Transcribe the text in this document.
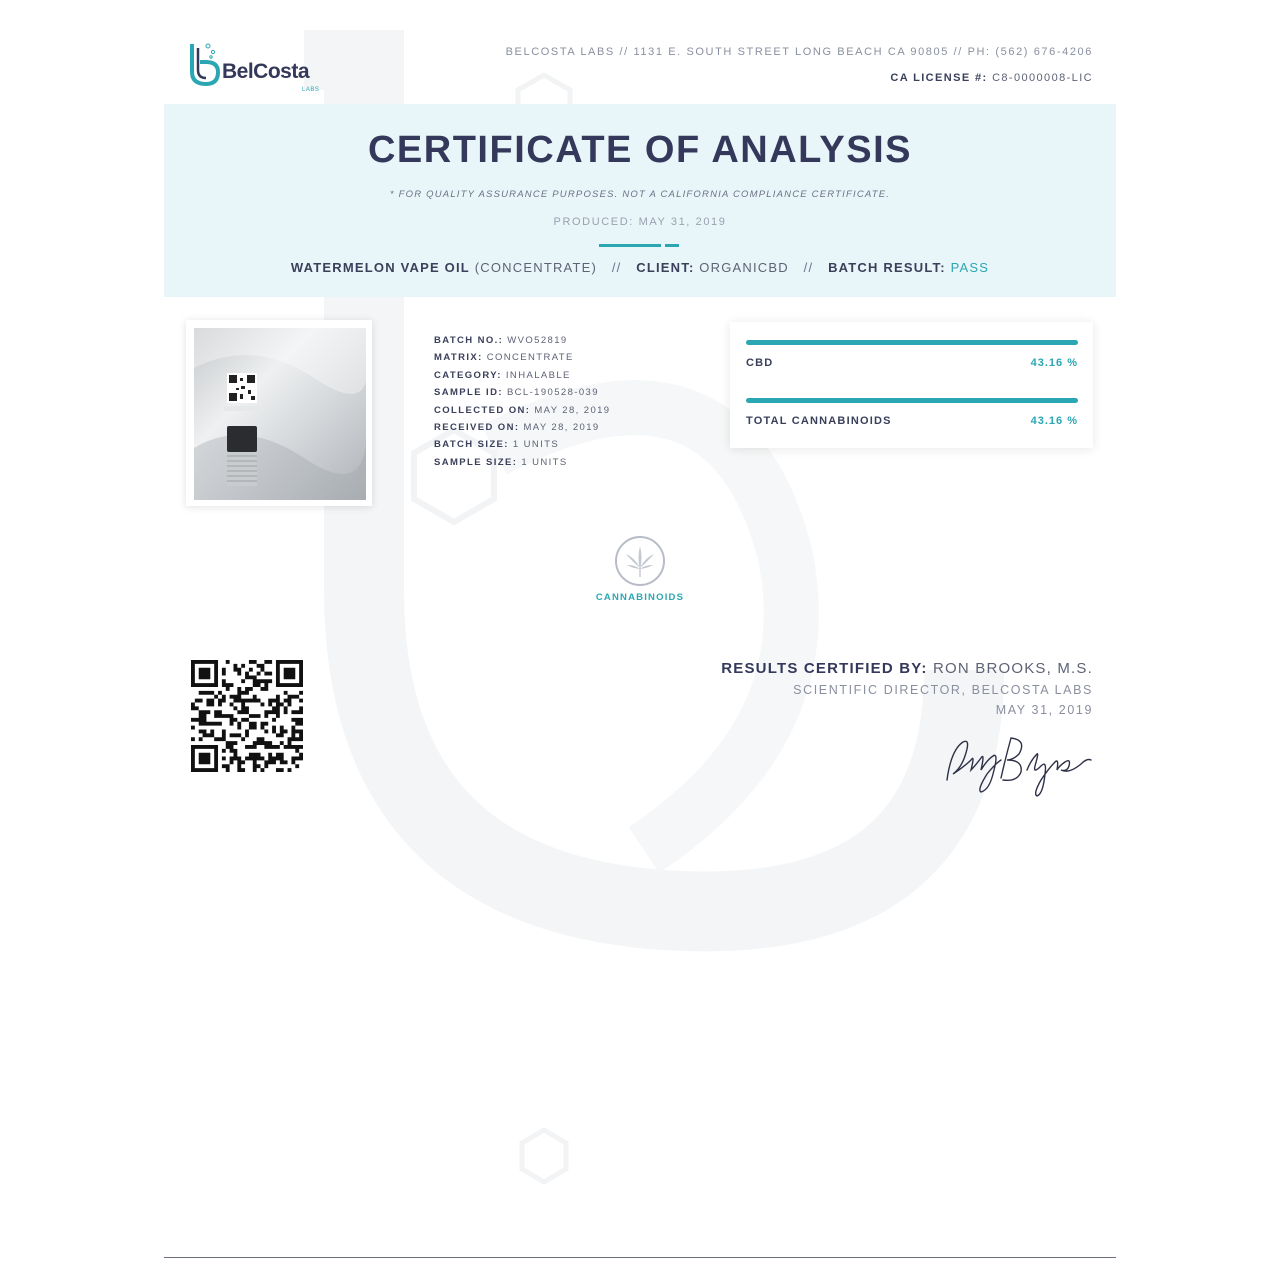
BelCosta
LABS
BELCOSTA LABS // 1131 E. SOUTH STREET LONG BEACH CA 90805 // PH: (562) 676-4206
CA LICENSE #: C8-0000008-LIC
CERTIFICATE OF ANALYSIS
* FOR QUALITY ASSURANCE PURPOSES. NOT A CALIFORNIA COMPLIANCE CERTIFICATE.
PRODUCED: MAY 31, 2019
WATERMELON VAPE OIL (CONCENTRATE) // CLIENT: ORGANICBD // BATCH RESULT: PASS
BATCH NO.: WVO52819
MATRIX: CONCENTRATE
CATEGORY: INHALABLE
SAMPLE ID: BCL-190528-039
COLLECTED ON: MAY 28, 2019
RECEIVED ON: MAY 28, 2019
BATCH SIZE: 1 UNITS
SAMPLE SIZE: 1 UNITS
CBD	43.16 %
TOTAL CANNABINOIDS	43.16 %
CANNABINOIDS
RESULTS CERTIFIED BY: RON BROOKS, M.S.
SCIENTIFIC DIRECTOR, BELCOSTA LABS
MAY 31, 2019
